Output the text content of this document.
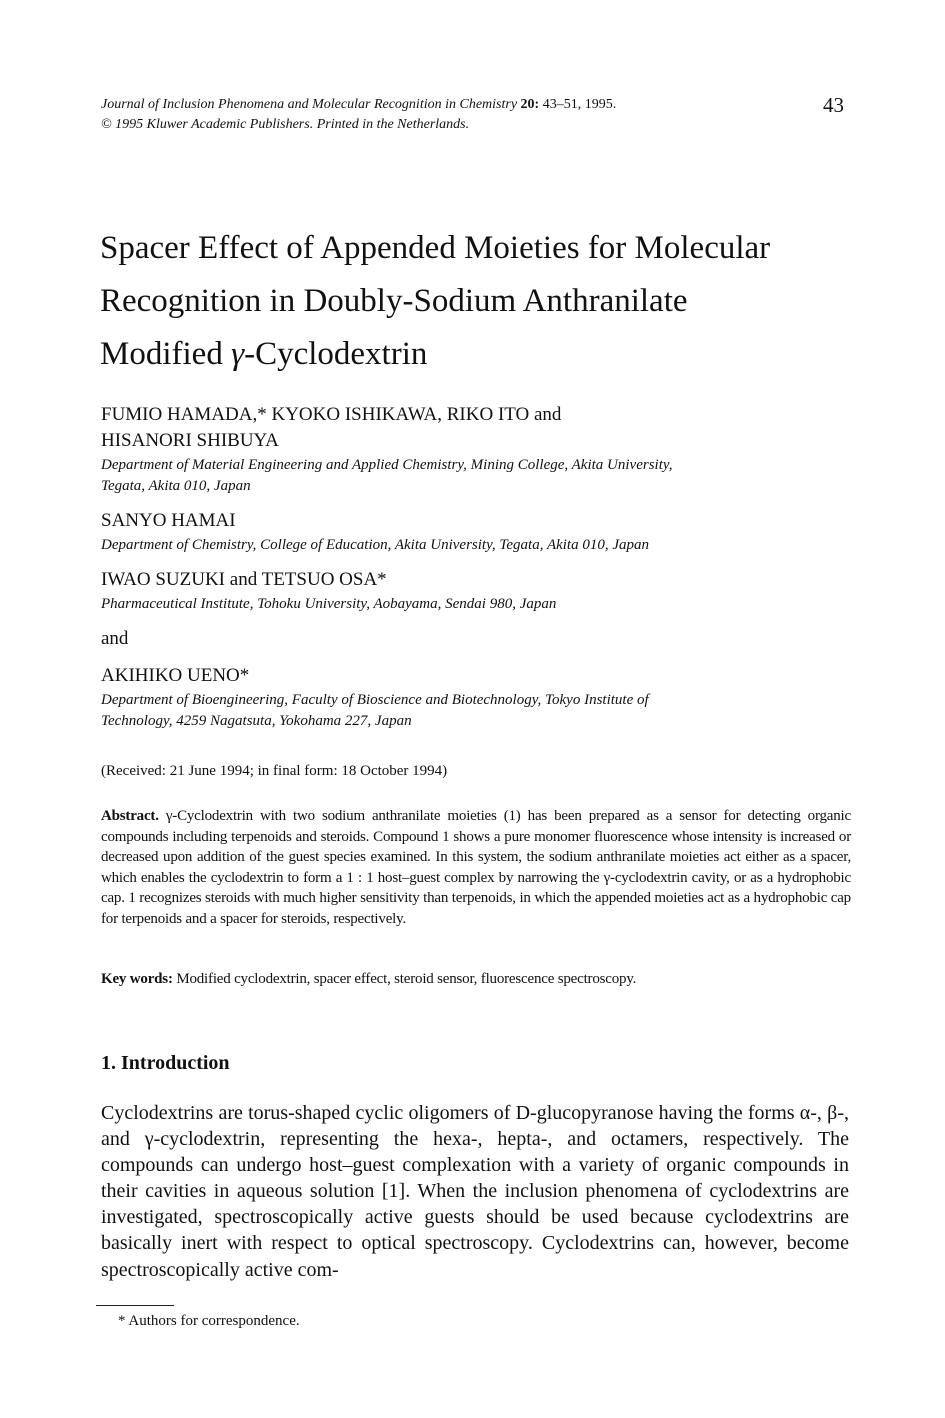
Journal of Inclusion Phenomena and Molecular Recognition in Chemistry 20: 43–51, 1995.
© 1995 Kluwer Academic Publishers. Printed in the Netherlands.
43
Spacer Effect of Appended Moieties for Molecular
Recognition in Doubly-Sodium Anthranilate
Modified γ-Cyclodextrin
FUMIO HAMADA,* KYOKO ISHIKAWA, RIKO ITO and
HISANORI SHIBUYA
Department of Material Engineering and Applied Chemistry, Mining College, Akita University,
Tegata, Akita 010, Japan
SANYO HAMAI
Department of Chemistry, College of Education, Akita University, Tegata, Akita 010, Japan
IWAO SUZUKI and TETSUO OSA*
Pharmaceutical Institute, Tohoku University, Aobayama, Sendai 980, Japan
and
AKIHIKO UENO*
Department of Bioengineering, Faculty of Bioscience and Biotechnology, Tokyo Institute of
Technology, 4259 Nagatsuta, Yokohama 227, Japan
(Received: 21 June 1994; in final form: 18 October 1994)
Abstract. γ-Cyclodextrin with two sodium anthranilate moieties (1) has been prepared as a sensor for detecting organic compounds including terpenoids and steroids. Compound 1 shows a pure monomer fluorescence whose intensity is increased or decreased upon addition of the guest species examined. In this system, the sodium anthranilate moieties act either as a spacer, which enables the cyclodextrin to form a 1 : 1 host–guest complex by narrowing the γ-cyclodextrin cavity, or as a hydrophobic cap. 1 recognizes steroids with much higher sensitivity than terpenoids, in which the appended moieties act as a hydrophobic cap for terpenoids and a spacer for steroids, respectively.
Key words: Modified cyclodextrin, spacer effect, steroid sensor, fluorescence spectroscopy.
1. Introduction
Cyclodextrins are torus-shaped cyclic oligomers of D-glucopyranose having the forms α-, β-, and γ-cyclodextrin, representing the hexa-, hepta-, and octamers, respectively. The compounds can undergo host–guest complexation with a variety of organic compounds in their cavities in aqueous solution [1]. When the inclusion phenomena of cyclodextrins are investigated, spectroscopically active guests should be used because cyclodextrins are basically inert with respect to optical spectroscopy. Cyclodextrins can, however, become spectroscopically active com-
* Authors for correspondence.
